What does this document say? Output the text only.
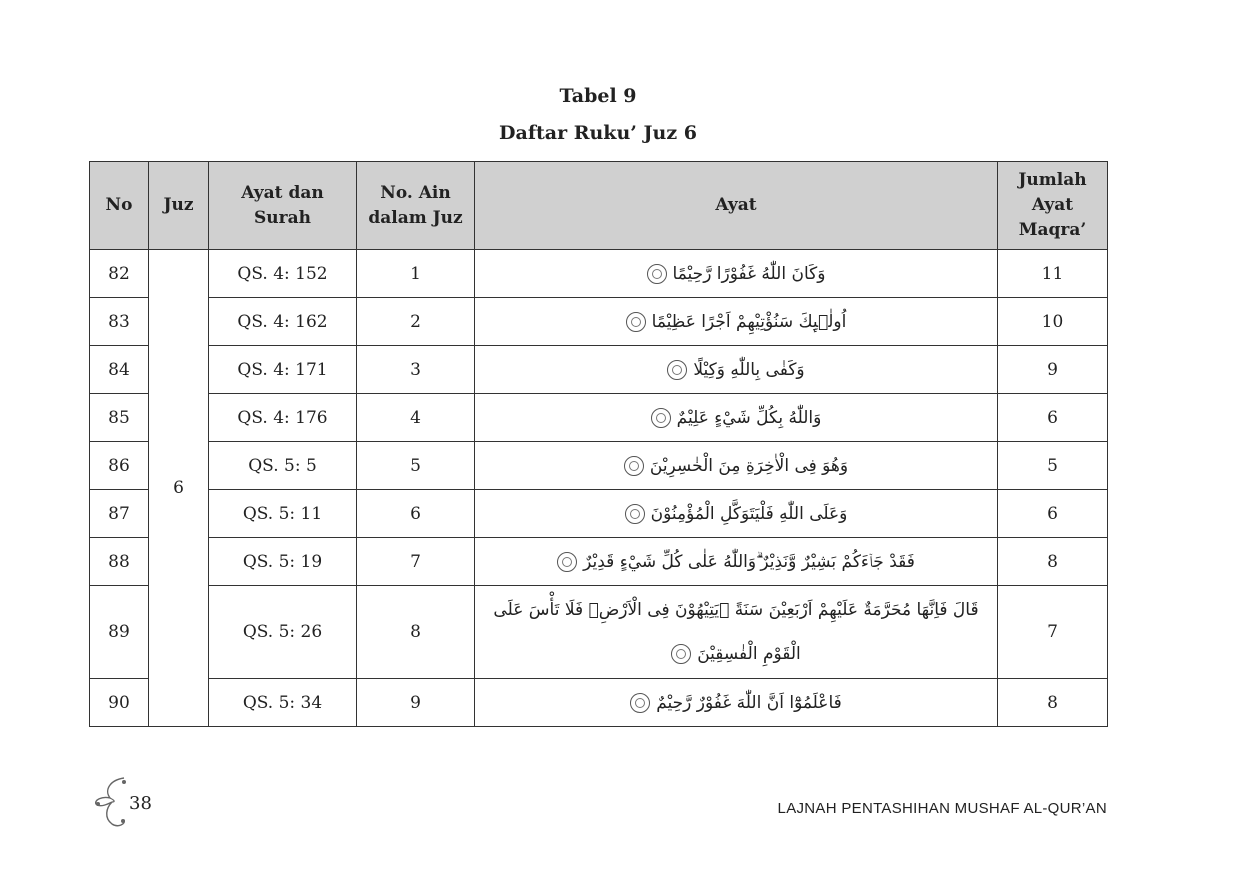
Tabel 9
Daftar Ruku’ Juz 6
No	Juz	Ayat dan Surah	No. Ain dalam Juz	Ayat	Jumlah Ayat Maqra’
82	6	QS. 4: 152	1	وَكَانَ اللّٰهُ غَفُوْرًا رَّحِيْمًا	11
83		QS. 4: 162	2	اُولٰۤىِٕكَ سَنُؤْتِيْهِمْ اَجْرًا عَظِيْمًا	10
84		QS. 4: 171	3	وَكَفٰى بِاللّٰهِ وَكِيْلًا	9
85		QS. 4: 176	4	وَاللّٰهُ بِكُلِّ شَيْءٍ عَلِيْمٌ	6
86		QS. 5: 5	5	وَهُوَ فِى الْاٰخِرَةِ مِنَ الْخٰسِرِيْنَ	5
87		QS. 5: 11	6	وَعَلَى اللّٰهِ فَلْيَتَوَكَّلِ الْمُؤْمِنُوْنَ	6
88		QS. 5: 19	7	فَقَدْ جَاۤءَكُمْ بَشِيْرٌ وَّنَذِيْرٌ ۗوَاللّٰهُ عَلٰى كُلِّ شَيْءٍ قَدِيْرٌ	8
89		QS. 5: 26	8	قَالَ فَاِنَّهَا مُحَرَّمَةٌ عَلَيْهِمْ اَرْبَعِيْنَ سَنَةً ۚيَتِيْهُوْنَ فِى الْاَرْضِۗ فَلَا تَأْسَ عَلَى الْقَوْمِ الْفٰسِقِيْنَ	7
90		QS. 5: 34	9	فَاعْلَمُوْٓا اَنَّ اللّٰهَ غَفُوْرٌ رَّحِيْمٌ	8
38	LAJNAH PENTASHIHAN MUSHAF AL-QUR’AN
